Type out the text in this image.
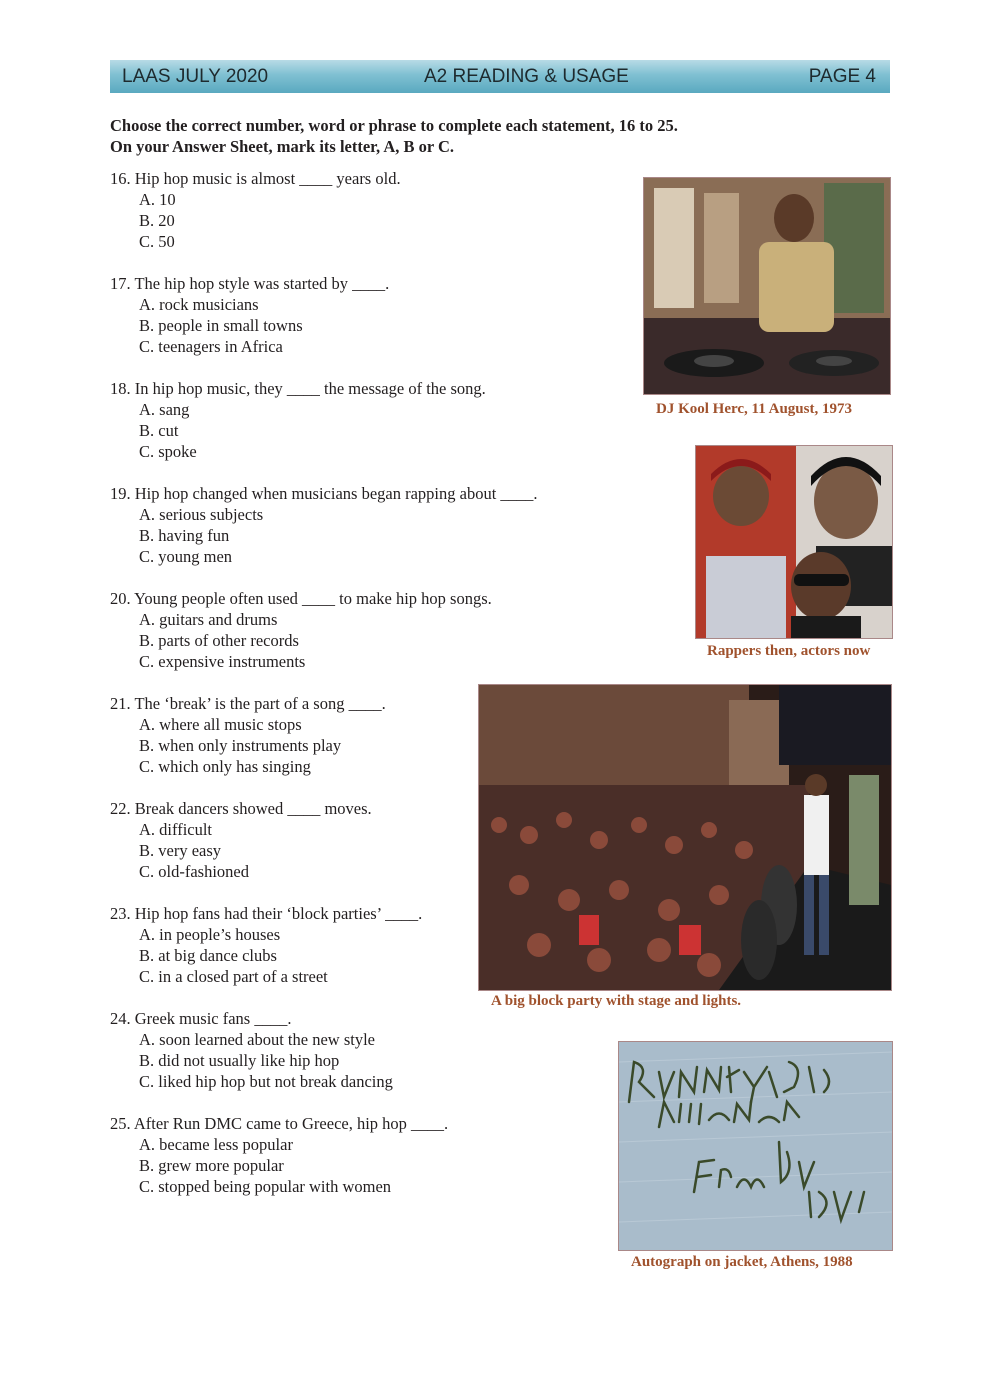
LAAS JULY 2020	A2 READING & USAGE	PAGE 4
Choose the correct number, word or phrase to complete each statement, 16 to 25.
On your Answer Sheet, mark its letter, A, B or C.
16. Hip hop music is almost ____ years old.
A. 10
B. 20
C. 50
17. The hip hop style was started by ____.
A. rock musicians
B. people in small towns
C. teenagers in Africa
18. In hip hop music, they ____ the message of the song.
A. sang
B. cut
C. spoke
19. Hip hop changed when musicians began rapping about ____.
A. serious subjects
B. having fun
C. young men
20. Young people often used ____ to make hip hop songs.
A. guitars and drums
B. parts of other records
C. expensive instruments
21. The ‘break’ is the part of a song ____.
A. where all music stops
B. when only instruments play
C. which only has singing
22. Break dancers showed ____ moves.
A. difficult
B. very easy
C. old-fashioned
23. Hip hop fans had their ‘block parties’ ____.
A. in people’s houses
B. at big dance clubs
C. in a closed part of a street
24. Greek music fans ____.
A. soon learned about the new style
B. did not usually like hip hop
C. liked hip hop but not break dancing
25. After Run DMC came to Greece, hip hop ____.
A. became less popular
B. grew more popular
C. stopped being popular with women
DJ Kool Herc, 11 August, 1973
Rappers then, actors now
A big block party with stage and lights.
Autograph on jacket, Athens, 1988
